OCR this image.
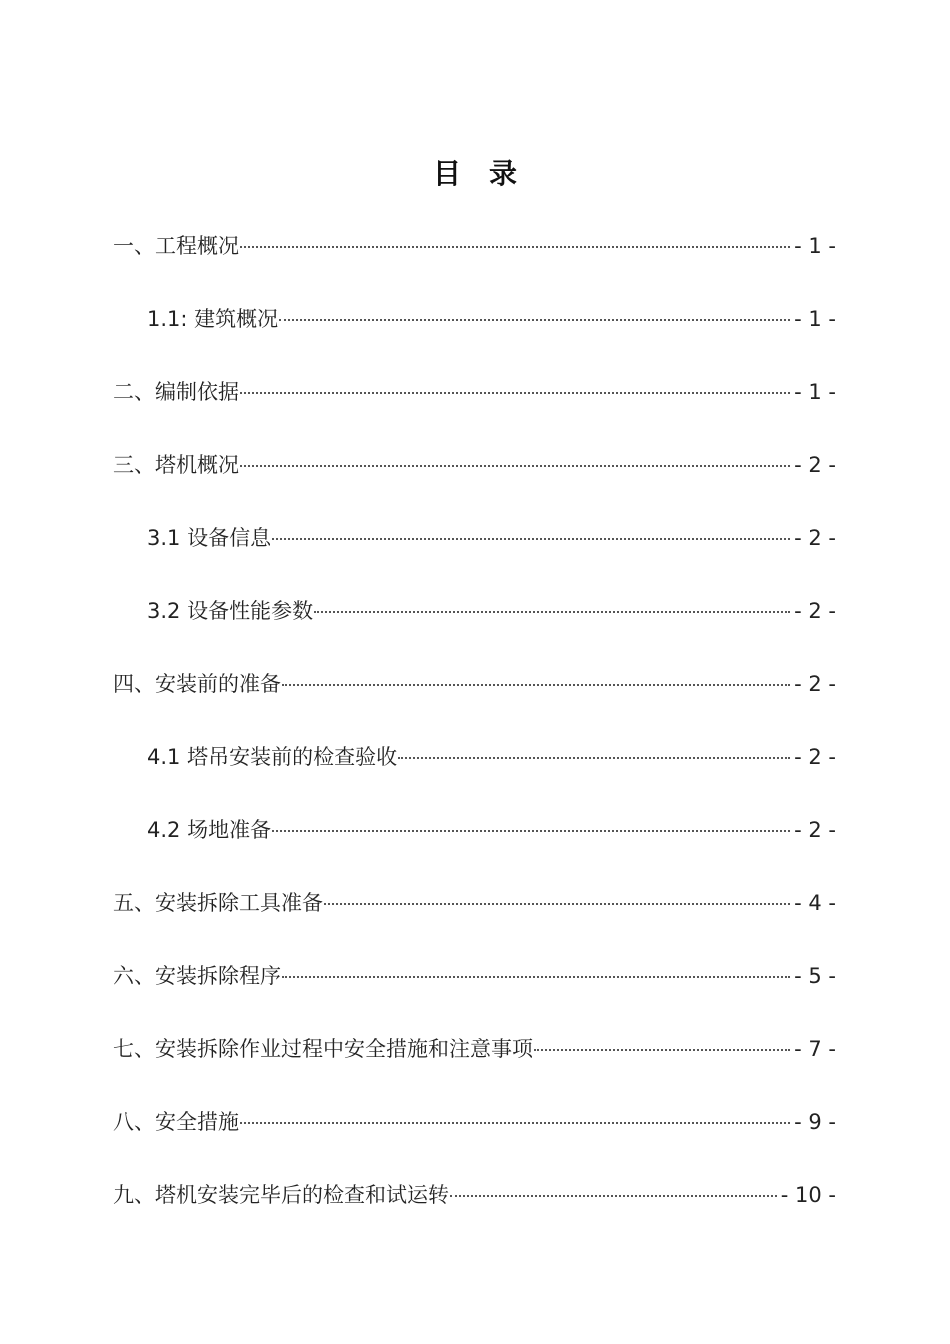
目　录
一、工程概况	- 1 -
1.1: 建筑概况	- 1 -
二、编制依据	- 1 -
三、塔机概况	- 2 -
3.1 设备信息	- 2 -
3.2 设备性能参数	- 2 -
四、安装前的准备	- 2 -
4.1 塔吊安装前的检查验收	- 2 -
4.2 场地准备	- 2 -
五、安装拆除工具准备	- 4 -
六、安装拆除程序	- 5 -
七、安装拆除作业过程中安全措施和注意事项	- 7 -
八、安全措施	- 9 -
九、塔机安装完毕后的检查和试运转	- 10 -
